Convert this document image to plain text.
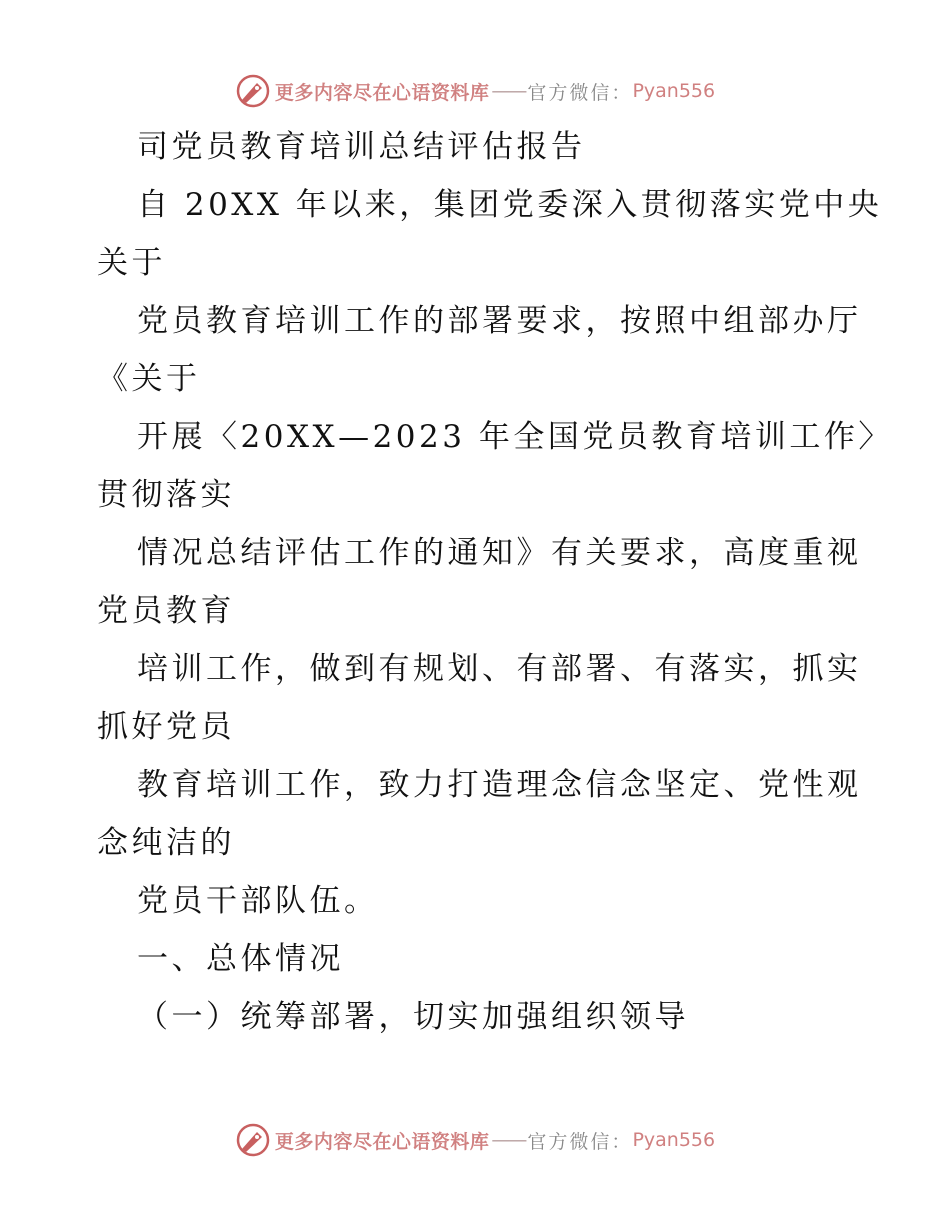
更多内容尽在心语资料库 —— 官方微信： Pyan556
司党员教育培训总结评估报告
自 20XX 年以来，集团党委深入贯彻落实党中央
关于
党员教育培训工作的部署要求，按照中组部办厅
《关于
开展〈20XX—2023 年全国党员教育培训工作〉
贯彻落实
情况总结评估工作的通知》有关要求，高度重视
党员教育
培训工作，做到有规划、有部署、有落实，抓实
抓好党员
教育培训工作，致力打造理念信念坚定、党性观
念纯洁的
党员干部队伍。
一、总体情况
（一）统筹部署，切实加强组织领导
更多内容尽在心语资料库 —— 官方微信： Pyan556
